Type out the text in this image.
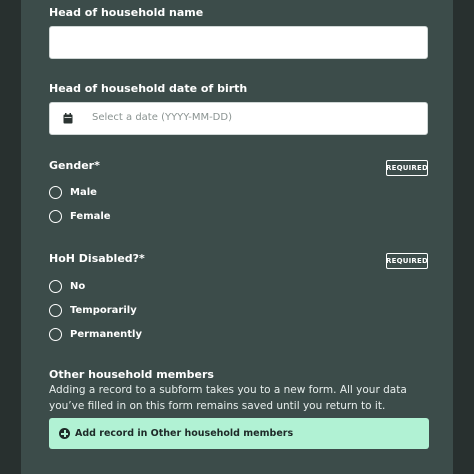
Head of household name
Head of household date of birth
Select a date (YYYY-MM-DD)
Gender*	REQUIRED
Male
Female
HoH Disabled?*	REQUIRED
No
Temporarily
Permanently
Other household members
Adding a record to a subform takes you to a new form. All your data you’ve filled in on this form remains saved until you return to it.
Add record in Other household members
